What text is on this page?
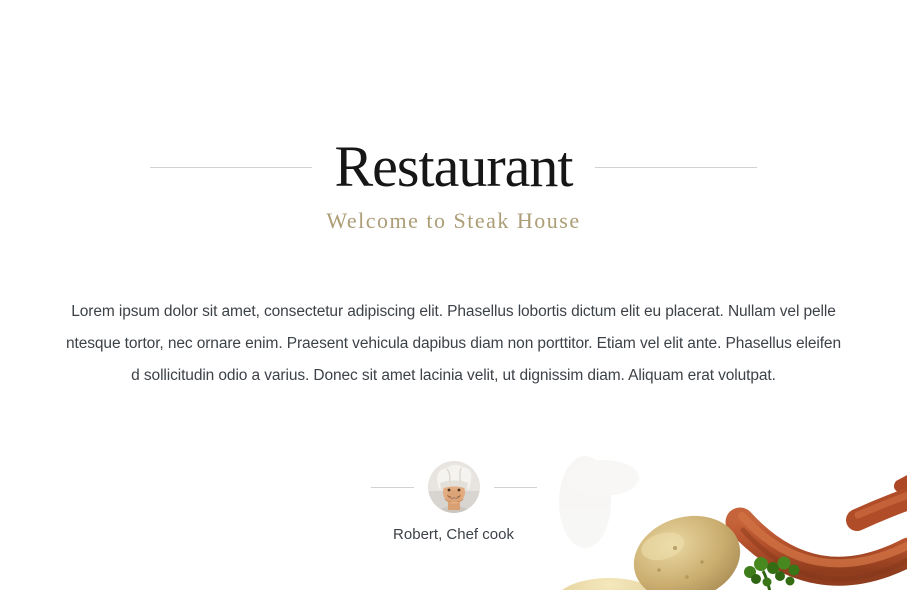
Restaurant
Welcome to Steak House
Lorem ipsum dolor sit amet, consectetur adipiscing elit. Phasellus lobortis dictum elit eu placerat. Nullam vel pelle
ntesque tortor, nec ornare enim. Praesent vehicula dapibus diam non porttitor. Etiam vel elit ante. Phasellus eleifen
d sollicitudin odio a varius. Donec sit amet lacinia velit, ut dignissim diam. Aliquam erat volutpat.
Robert, Chef cook
